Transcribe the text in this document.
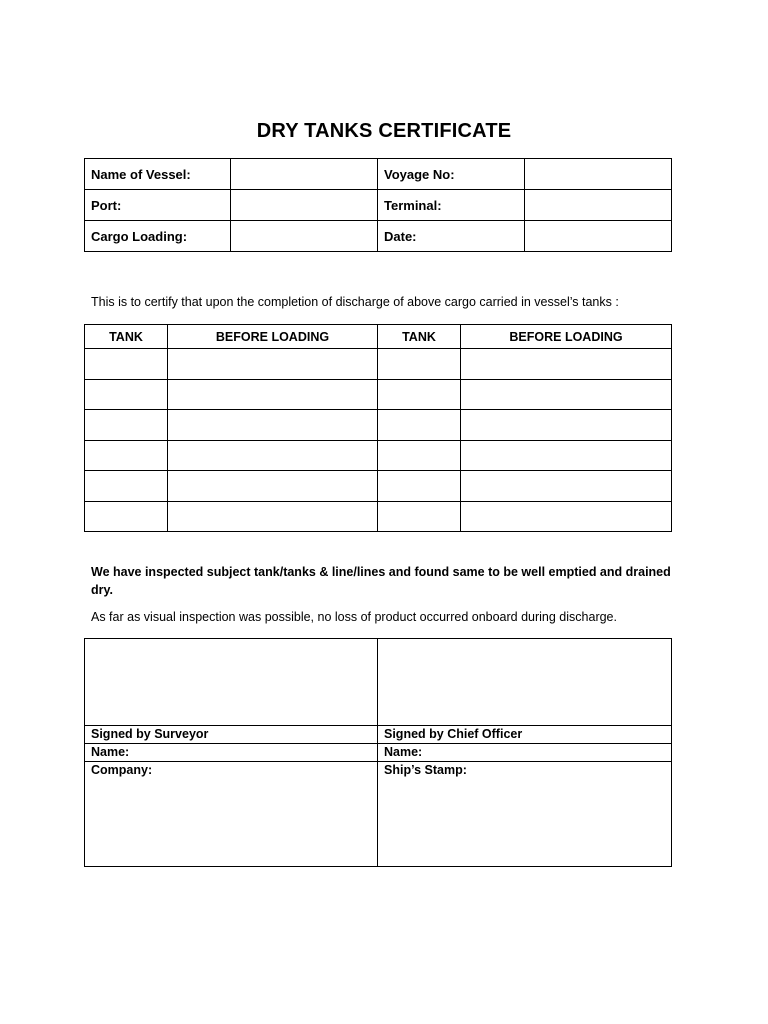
DRY TANKS CERTIFICATE
Name of Vessel:		Voyage No:	
Port:		Terminal:	
Cargo Loading:		Date:	
This is to certify that upon the completion of discharge of above cargo carried in vessel’s tanks :
TANK	BEFORE LOADING	TANK	BEFORE LOADING

We have inspected subject tank/tanks & line/lines and found same to be well emptied and drained dry.
As far as visual inspection was possible, no loss of product occurred onboard during discharge.

Signed by Surveyor	Signed by Chief Officer
Name:	Name:
Company:	Ship’s Stamp:
